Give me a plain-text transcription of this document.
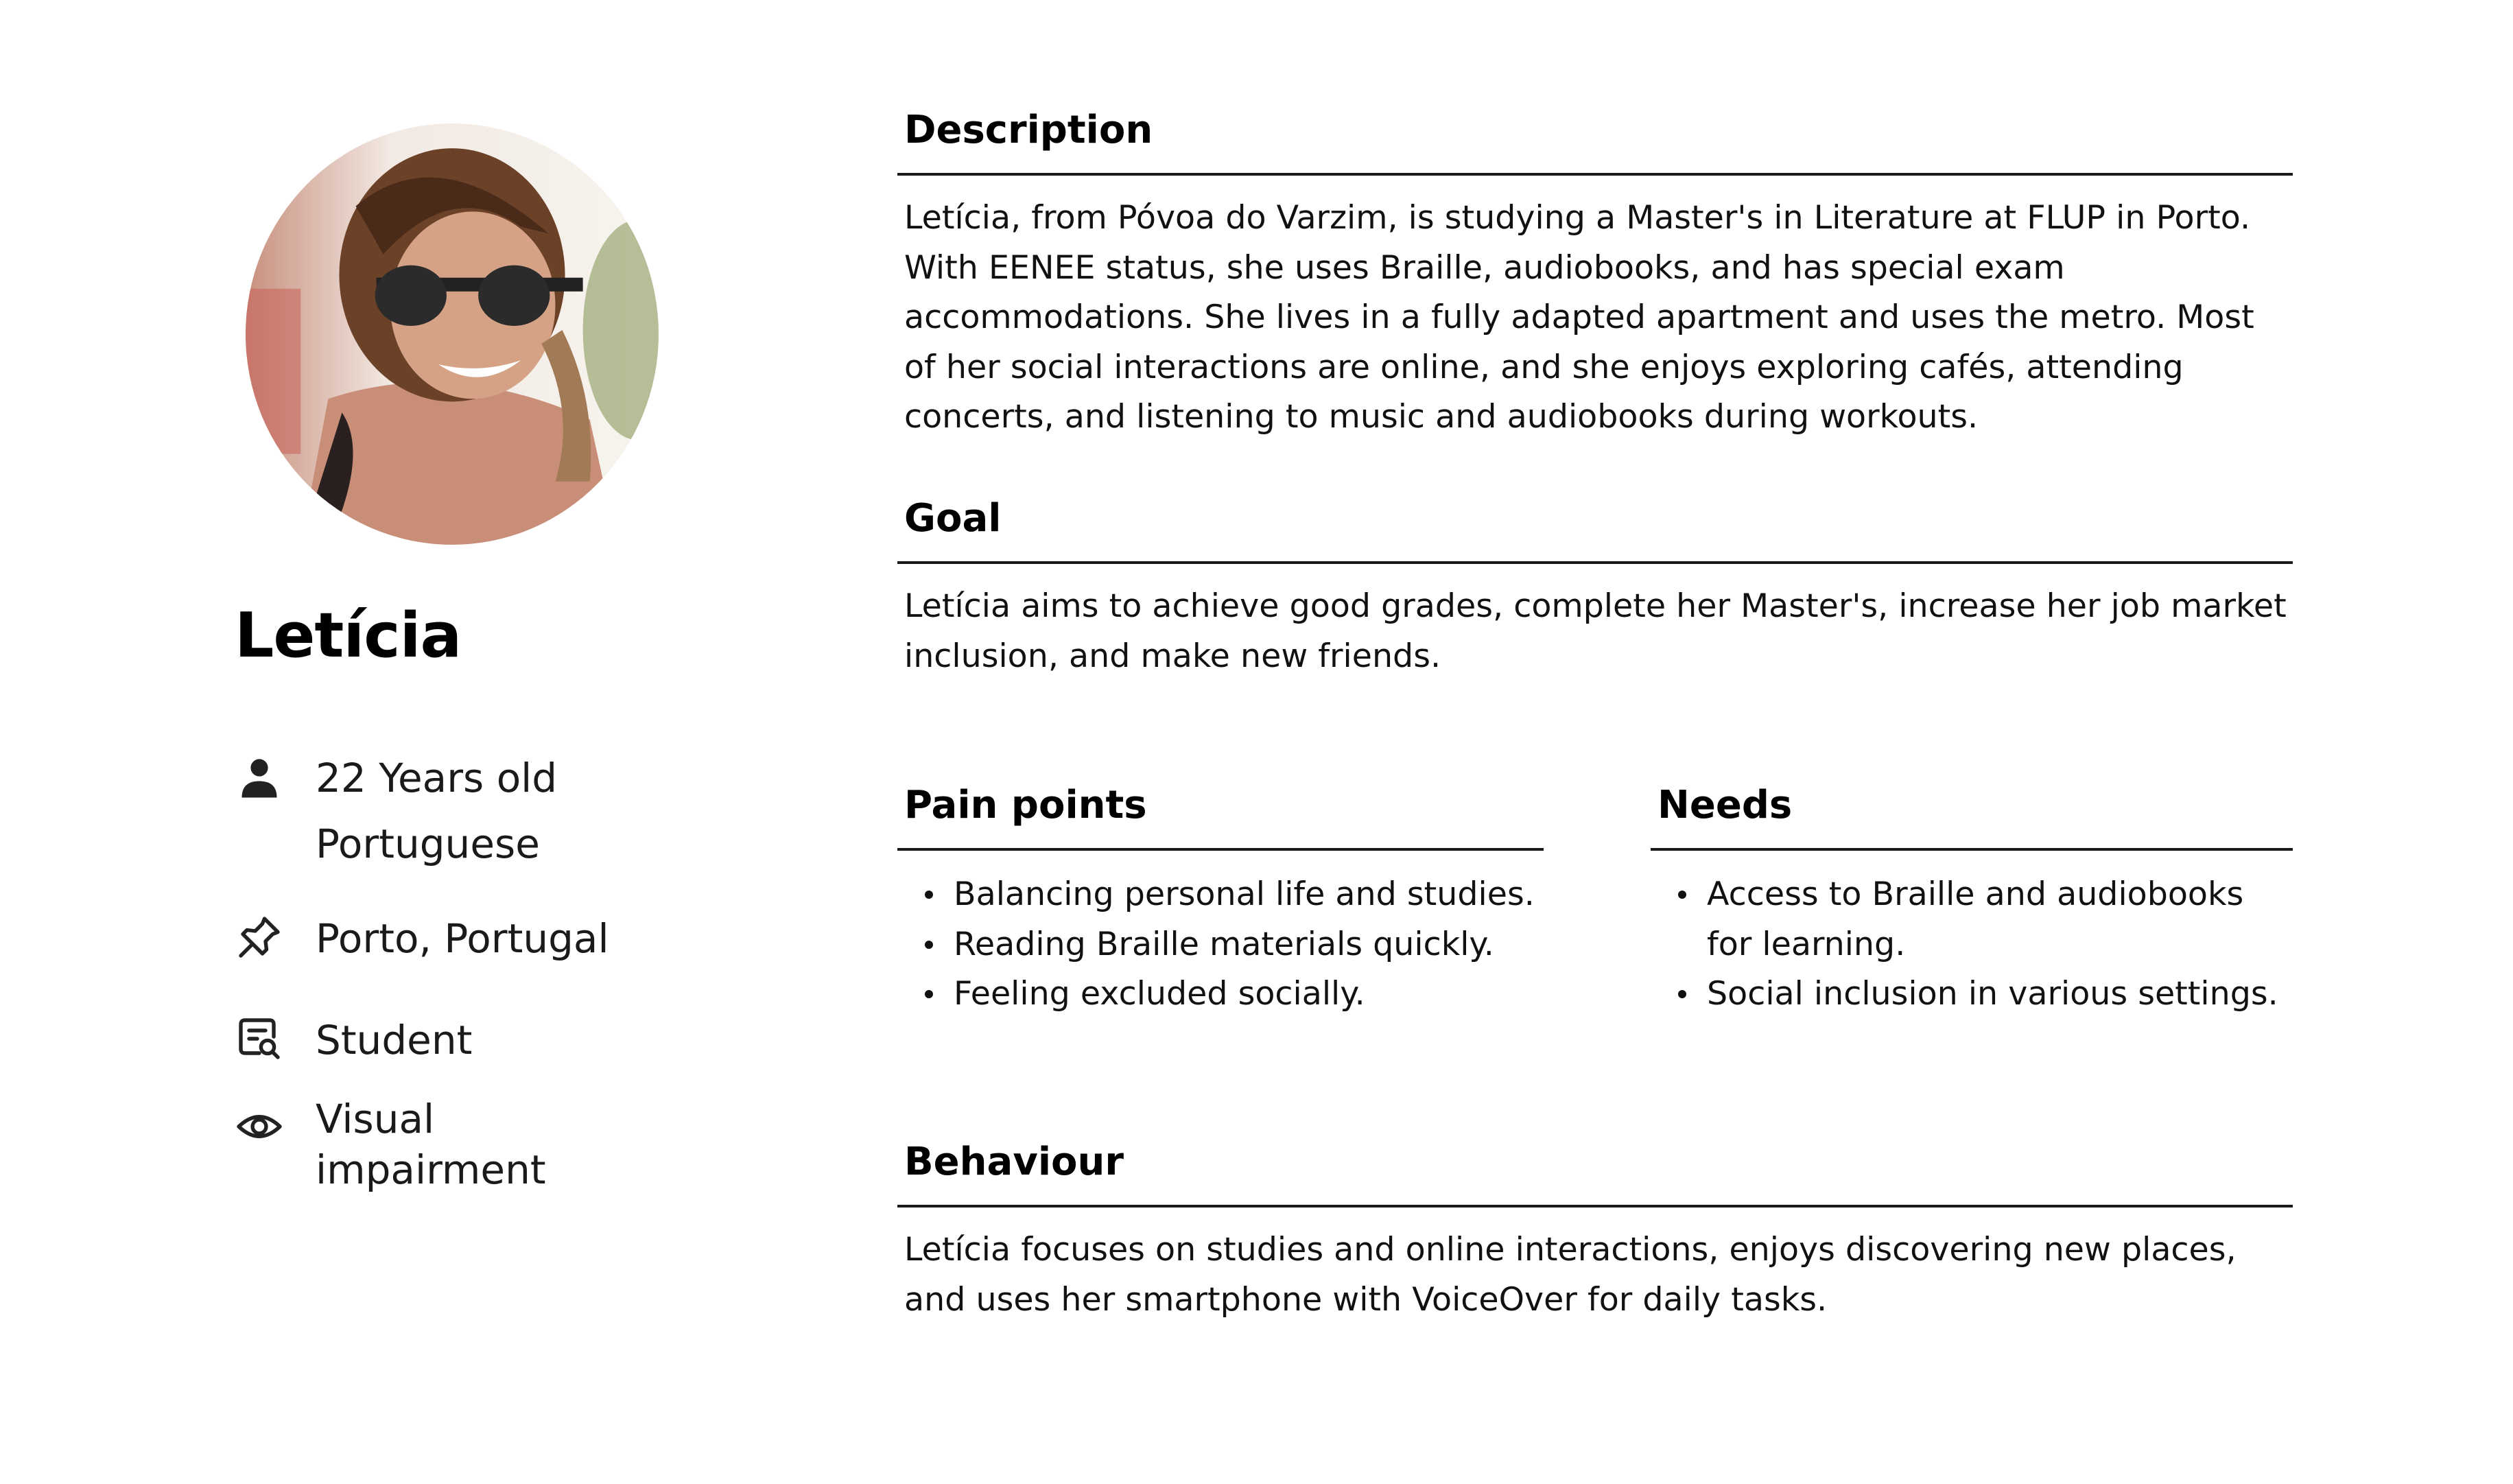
Letícia
22 Years old
Portuguese
Porto, Portugal
Student
Visual impairment
Description
Letícia, from Póvoa do Varzim, is studying a Master's in Literature at FLUP in Porto. With EENEE status, she uses Braille, audiobooks, and has special exam accommodations. She lives in a fully adapted apartment and uses the metro. Most of her social interactions are online, and she enjoys exploring cafés, attending concerts, and listening to music and audiobooks during workouts.
Goal
Letícia aims to achieve good grades, complete her Master's, increase her job market inclusion, and make new friends.
Pain points
Balancing personal life and studies.
Reading Braille materials quickly.
Feeling excluded socially.
Needs
Access to Braille and audiobooks for learning.
Social inclusion in various settings.
Behaviour
Letícia focuses on studies and online interactions, enjoys discovering new places, and uses her smartphone with VoiceOver for daily tasks.
